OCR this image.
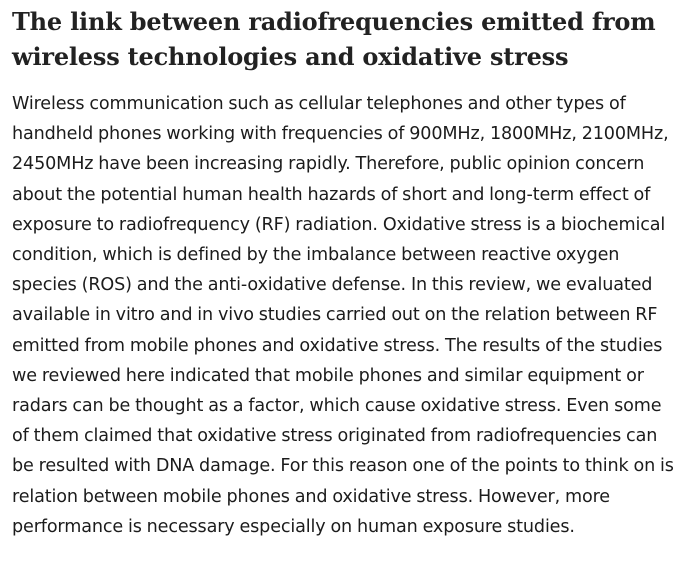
The link between radiofrequencies emitted from wireless technologies and oxidative stress

Wireless communication such as cellular telephones and other types of handheld phones working with frequencies of 900MHz, 1800MHz, 2100MHz, 2450MHz have been increasing rapidly. Therefore, public opinion concern about the potential human health hazards of short and long-term effect of exposure to radiofrequency (RF) radiation. Oxidative stress is a biochemical condition, which is defined by the imbalance between reactive oxygen species (ROS) and the anti-oxidative defense. In this review, we evaluated available in vitro and in vivo studies carried out on the relation between RF emitted from mobile phones and oxidative stress. The results of the studies we reviewed here indicated that mobile phones and similar equipment or radars can be thought as a factor, which cause oxidative stress. Even some of them claimed that oxidative stress originated from radiofrequencies can be resulted with DNA damage. For this reason one of the points to think on is relation between mobile phones and oxidative stress. However, more performance is necessary especially on human exposure studies.
